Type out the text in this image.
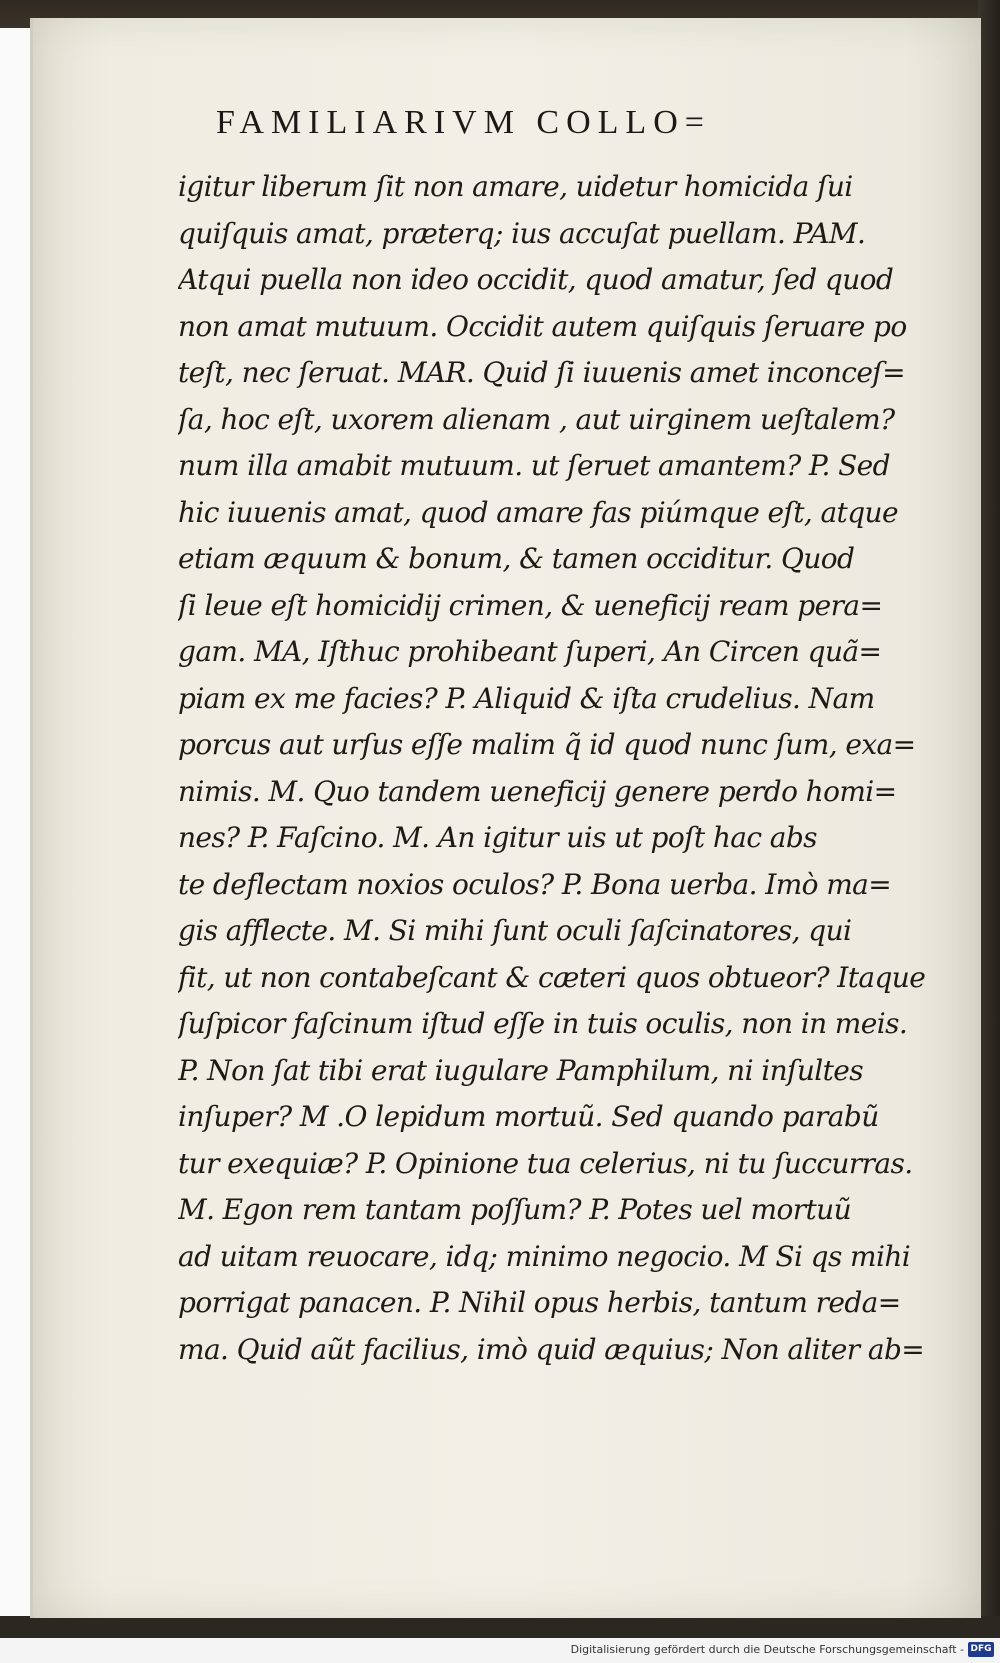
FAMILIARIVM COLLO=
igitur liberum ſit non amare, uidetur homicida ſui
quiſquis amat, præterq; ius accuſat puellam. PAM.
Atqui puella non ideo occidit, quod amatur, ſed quod
non amat mutuum. Occidit autem quiſquis ſeruare po
teſt, nec ſeruat. MAR. Quid ſi iuuenis amet inconceſ=
ſa, hoc eſt, uxorem alienam , aut uirginem ueſtalem?
num illa amabit mutuum. ut ſeruet amantem? P. Sed
hic iuuenis amat, quod amare fas piúmque eſt, atque
etiam æquum & bonum, & tamen occiditur. Quod
ſi leue eſt homicidij crimen, & ueneficij ream pera=
gam. MA, Iſthuc prohibeant ſuperi, An Circen quã=
piam ex me facies? P. Aliquid & iſta crudelius. Nam
porcus aut urſus eſſe malim q̃ id quod nunc ſum, exa=
nimis. M. Quo tandem ueneficij genere perdo homi=
nes? P. Faſcino. M. An igitur uis ut poſt hac abs
te deflectam noxios oculos? P. Bona uerba. Imò ma=
gis afflecte. M. Si mihi ſunt oculi ſaſcinatores, qui
fit, ut non contabeſcant & cæteri quos obtueor? Itaque
ſuſpicor faſcinum iſtud eſſe in tuis oculis, non in meis.
P. Non ſat tibi erat iugulare Pamphilum, ni inſultes
inſuper? M .O lepidum mortuũ. Sed quando parabũ
tur exequiæ? P. Opinione tua celerius, ni tu ſuccurras.
M. Egon rem tantam poſſum? P. Potes uel mortuũ
ad uitam reuocare, idq; minimo negocio. M Si qs mihi
porrigat panacen. P. Nihil opus herbis, tantum reda=
ma. Quid aũt facilius, imò quid æquius; Non aliter ab=
Digitalisierung gefördert durch die Deutsche Forschungsgemeinschaft - DFG
